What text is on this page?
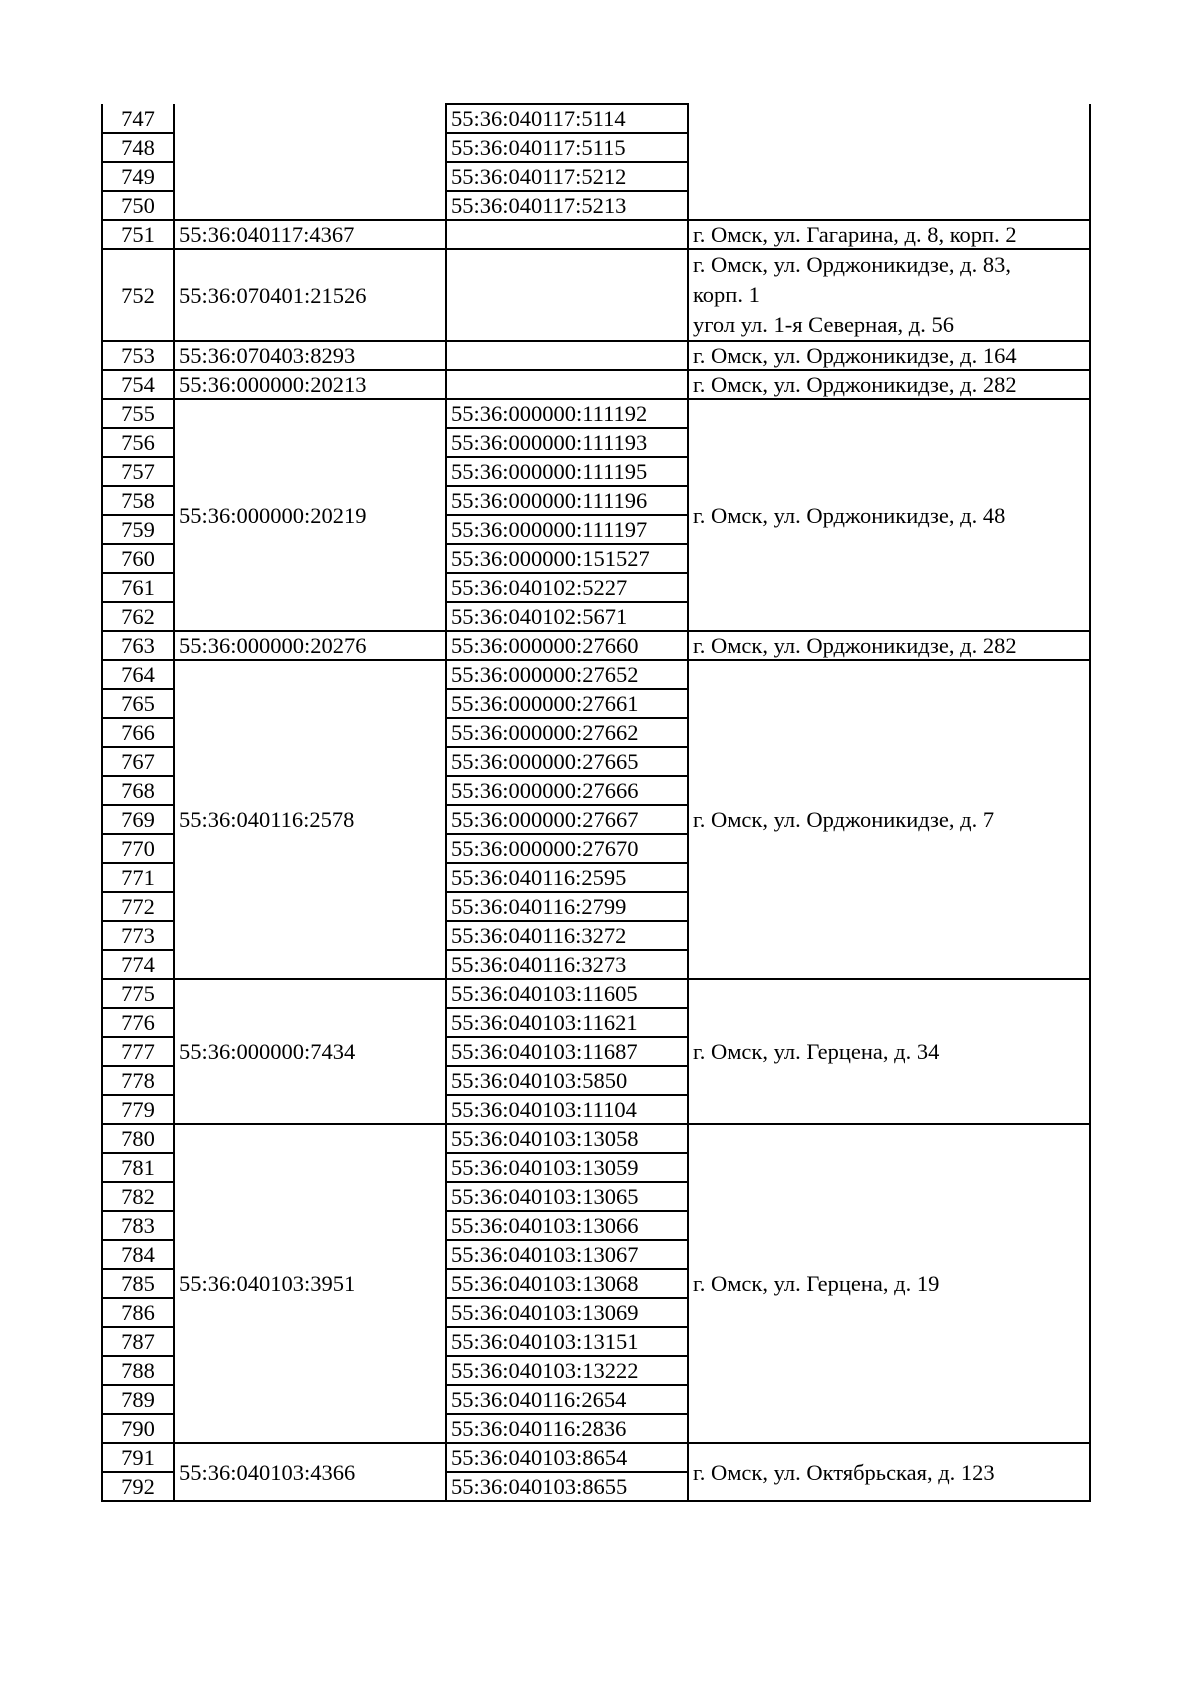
747		55:36:040117:5114	
748		55:36:040117:5115	
749		55:36:040117:5212	
750		55:36:040117:5213	
751	55:36:040117:4367		г. Омск, ул. Гагарина, д. 8, корп. 2
752	55:36:070401:21526		г. Омск, ул. Орджоникидзе, д. 83,
корп. 1
угол ул. 1-я Северная, д. 56
753	55:36:070403:8293		г. Омск, ул. Орджоникидзе, д. 164
754	55:36:000000:20213		г. Омск, ул. Орджоникидзе, д. 282
755	55:36:000000:20219	55:36:000000:111192	г. Омск, ул. Орджоникидзе, д. 48
756		55:36:000000:111193	
757		55:36:000000:111195	
758		55:36:000000:111196	
759		55:36:000000:111197	
760		55:36:000000:151527	
761		55:36:040102:5227	
762		55:36:040102:5671	
763	55:36:000000:20276	55:36:000000:27660	г. Омск, ул. Орджоникидзе, д. 282
764	55:36:040116:2578	55:36:000000:27652	г. Омск, ул. Орджоникидзе, д. 7
765		55:36:000000:27661	
766		55:36:000000:27662	
767		55:36:000000:27665	
768		55:36:000000:27666	
769		55:36:000000:27667	
770		55:36:000000:27670	
771		55:36:040116:2595	
772		55:36:040116:2799	
773		55:36:040116:3272	
774		55:36:040116:3273	
775	55:36:000000:7434	55:36:040103:11605	г. Омск, ул. Герцена, д. 34
776		55:36:040103:11621	
777		55:36:040103:11687	
778		55:36:040103:5850	
779		55:36:040103:11104	
780	55:36:040103:3951	55:36:040103:13058	г. Омск, ул. Герцена, д. 19
781		55:36:040103:13059	
782		55:36:040103:13065	
783		55:36:040103:13066	
784		55:36:040103:13067	
785		55:36:040103:13068	
786		55:36:040103:13069	
787		55:36:040103:13151	
788		55:36:040103:13222	
789		55:36:040116:2654	
790		55:36:040116:2836	
791	55:36:040103:4366	55:36:040103:8654	г. Омск, ул. Октябрьская, д. 123
792		55:36:040103:8655	
